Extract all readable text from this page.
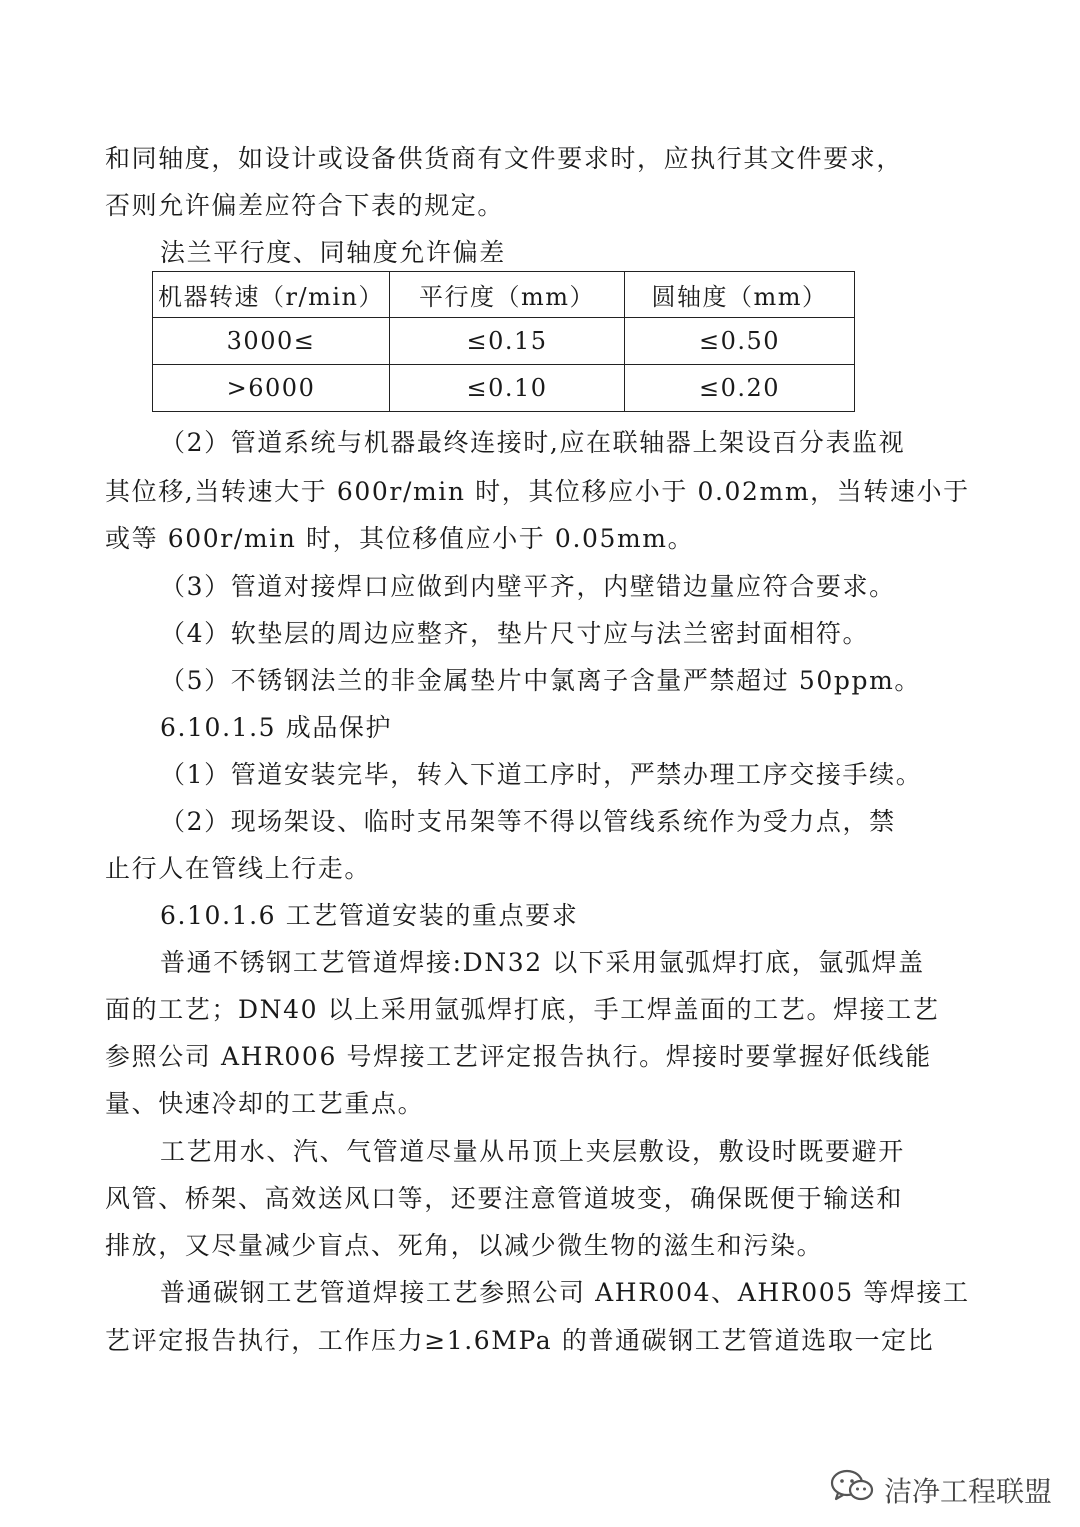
和同轴度，如设计或设备供货商有文件要求时，应执行其文件要求，
否则允许偏差应符合下表的规定。
法兰平行度、同轴度允许偏差
机器转速（r/min）	平行度（mm）	圆轴度（mm）
3000≤	≤0.15	≤0.50
>6000	≤0.10	≤0.20
（2）管道系统与机器最终连接时,应在联轴器上架设百分表监视
其位移,当转速大于 600r/min 时，其位移应小于 0.02mm，当转速小于
或等 600r/min 时，其位移值应小于 0.05mm。
（3）管道对接焊口应做到内壁平齐，内壁错边量应符合要求。
（4）软垫层的周边应整齐，垫片尺寸应与法兰密封面相符。
（5）不锈钢法兰的非金属垫片中氯离子含量严禁超过 50ppm。
6.10.1.5 成品保护
（1）管道安装完毕，转入下道工序时，严禁办理工序交接手续。
（2）现场架设、临时支吊架等不得以管线系统作为受力点，禁
止行人在管线上行走。
6.10.1.6 工艺管道安装的重点要求
普通不锈钢工艺管道焊接:DN32 以下采用氩弧焊打底，氩弧焊盖
面的工艺；DN40 以上采用氩弧焊打底，手工焊盖面的工艺。焊接工艺
参照公司 AHR006 号焊接工艺评定报告执行。焊接时要掌握好低线能
量、快速冷却的工艺重点。
工艺用水、汽、气管道尽量从吊顶上夹层敷设，敷设时既要避开
风管、桥架、高效送风口等，还要注意管道坡变，确保既便于输送和
排放，又尽量减少盲点、死角，以减少微生物的滋生和污染。
普通碳钢工艺管道焊接工艺参照公司 AHR004、AHR005 等焊接工
艺评定报告执行，工作压力≥1.6MPa 的普通碳钢工艺管道选取一定比
洁净工程联盟
